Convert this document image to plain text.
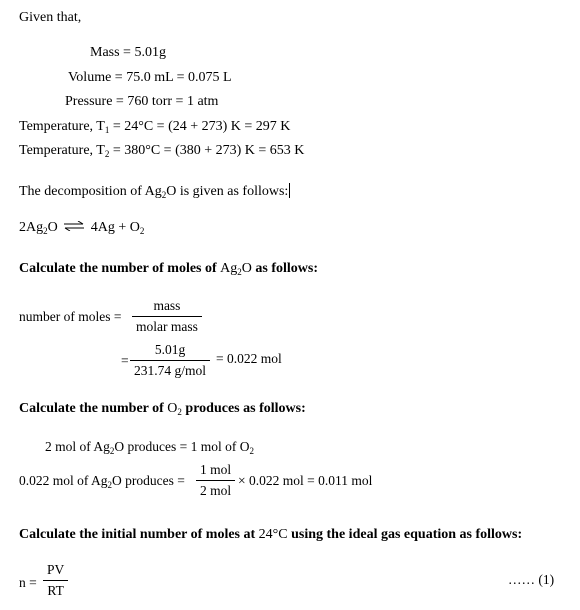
Given that,
Mass = 5.01g
Volume = 75.0 mL = 0.075 L
Pressure = 760 torr = 1 atm
Temperature, $T_1 = 24^\circ C = (24 + 273) K = 297$ K
Temperature, $T_2 = 380^\circ C = (380 + 273) K = 653$ K
The decomposition of $Ag_2O$ is given as follows:
$2Ag_2O$ ⇌ $4Ag + O_2$
Calculate the number of moles of $Ag_2O$ as follows:
number of moles =
mass
molar mass
=
5.01g
231.74 g/mol
= 0.022 mol
Calculate the number of $O_2$ produces as follows:
2 mol of $Ag_2O$ produces = 1 mol of $O_2$
0.022 mol of $Ag_2O$ produces =
1 mol
2 mol
× 0.022 mol = 0.011 mol
Calculate the initial number of moles at 24°C using the ideal gas equation as follows:
$n = \frac{PV}{RT}$	…… (1)
